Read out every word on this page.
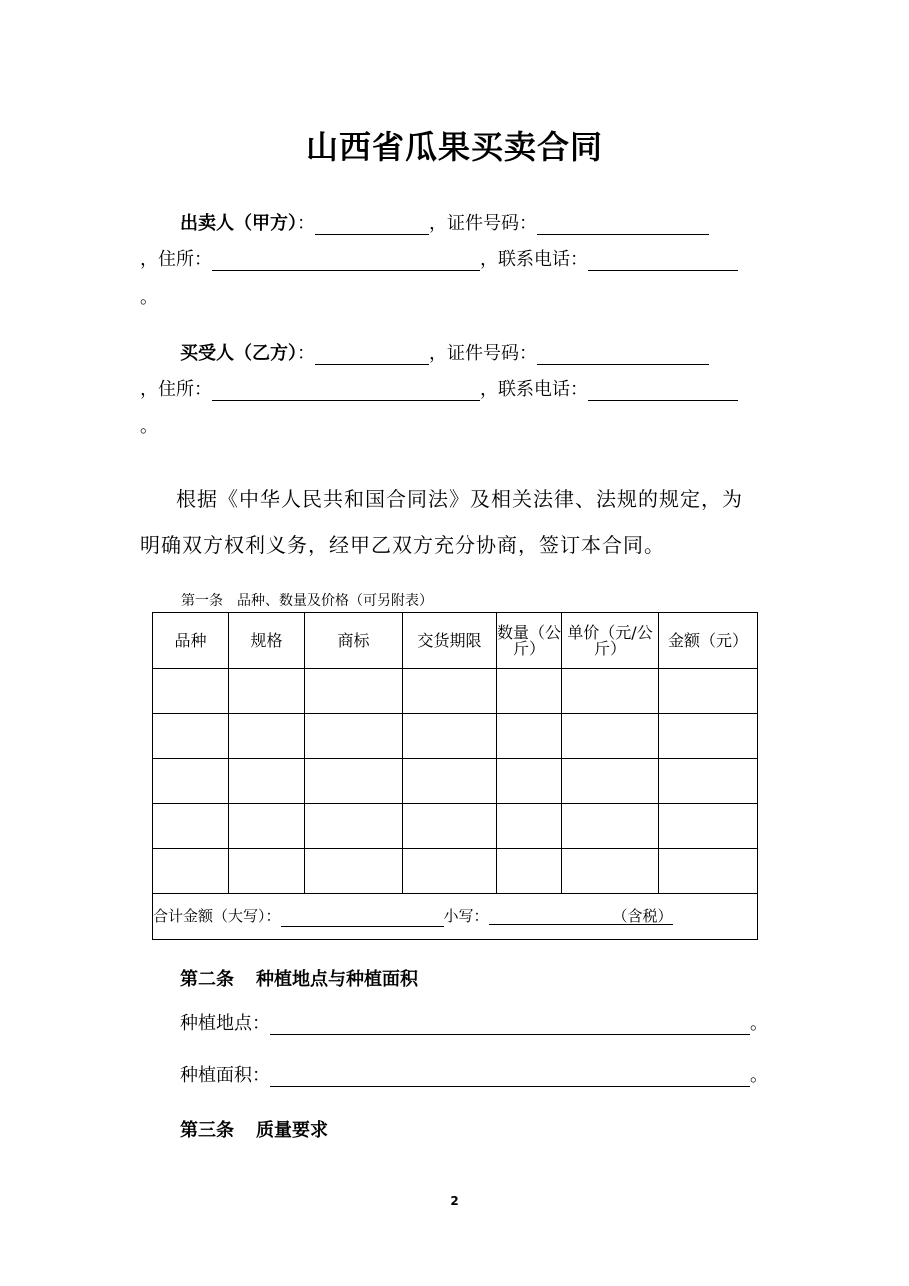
山西省瓜果买卖合同
出卖人（甲方）：	，证件号码：
，住所：	，联系电话：
。
买受人（乙方）：	，证件号码：
，住所：	，联系电话：
。
根据《中华人民共和国合同法》及相关法律、法规的规定，为
明确双方权利义务，经甲乙双方充分协商，签订本合同。
第一条　品种、数量及价格（可另附表）
品种	规格	商标	交货期限	数量（公斤）	单价（元/公斤）	金额（元）

合计金额（大写）： 小写： （含税）						
第二条 种植地点与种植面积
种植地点：	。
种植面积：	。
第三条 质量要求
2
